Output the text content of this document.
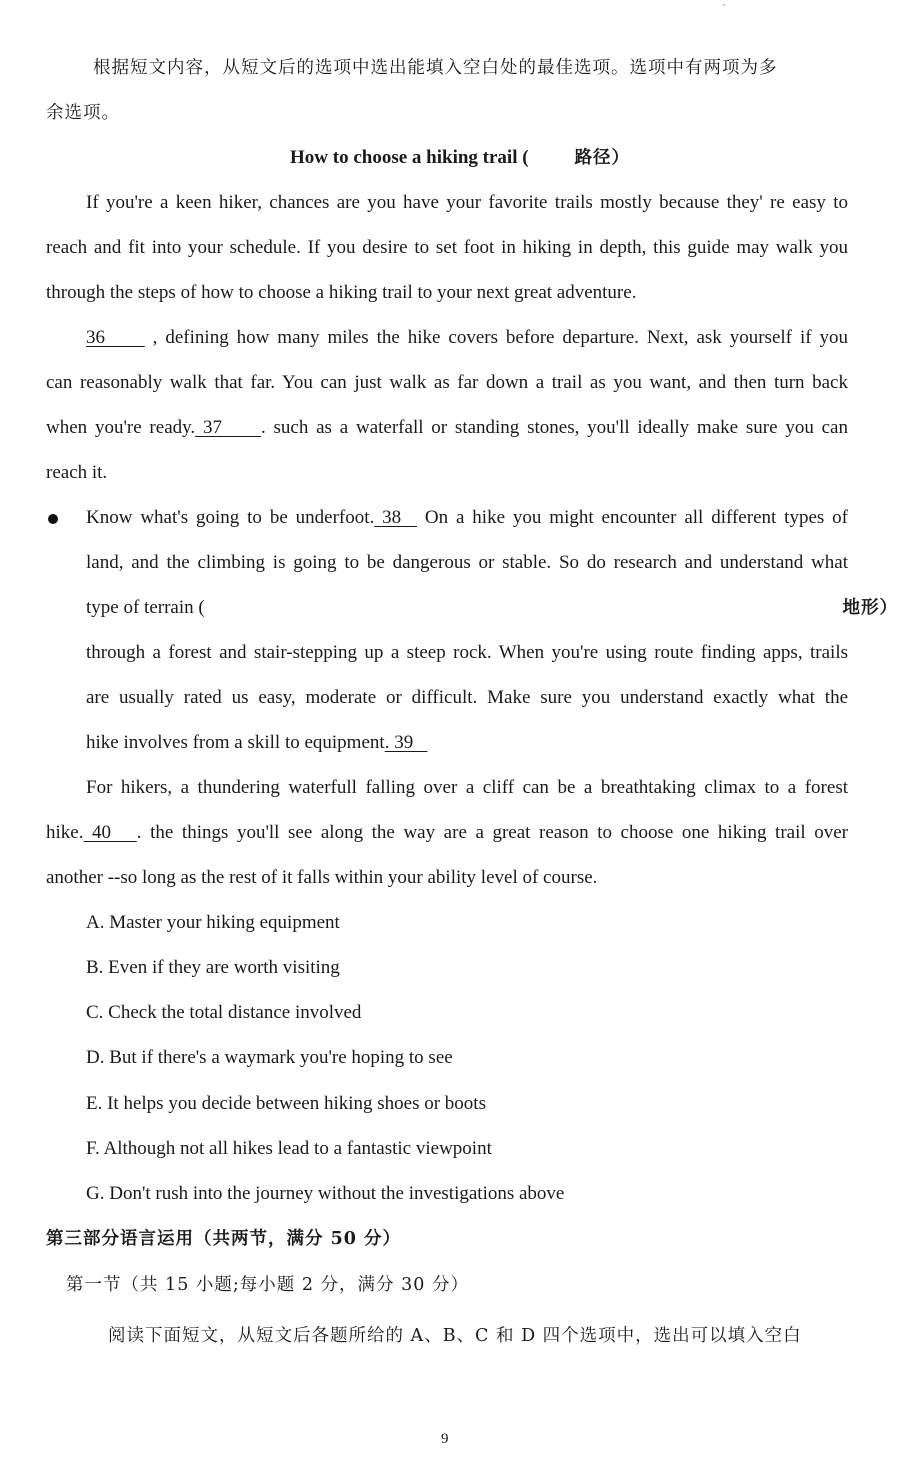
根据短文内容，从短文后的选项中选出能填入空白处的最佳选项。选项中有两项为多
余选项。
How to choose a hiking trail (	路径）
If you're a keen hiker, chances are you have your favorite trails mostly because they' re easy to
reach and fit into your schedule. If you desire to set foot in hiking in depth, this guide may walk you
through the steps of how to choose a hiking trail to your next great adventure.
36      , defining how many miles the hike covers before departure. Next, ask yourself if you
can reasonably walk that far. You can just walk as far down a trail as you want, and then turn back
when you're ready. 37     . such as a waterfall or standing stones, you'll ideally make sure you can
reach it.
Know what's going to be underfoot. 38   On a hike you might encounter all different types of
land, and the climbing is going to be dangerous or stable. So do research and understand what
type of terrain (	地形）
through a forest and stair-stepping up a steep rock. When you're using route finding apps, trails
are usually rated us easy, moderate or difficult. Make sure you understand exactly what the
hike involves from a skill to equipment. 39
For hikers, a thundering waterfull falling over a cliff can be a breathtaking climax to a forest
hike. 40   . the things you'll see along the way are a great reason to choose one hiking trail over
another --so long as the rest of it falls within your ability level of course.
A. Master your hiking equipment
B. Even if they are worth visiting
C. Check the total distance involved
D. But if there's a waymark you're hoping to see
E. It helps you decide between hiking shoes or boots
F. Although not all hikes lead to a fantastic viewpoint
G. Don't rush into the journey without the investigations above
第三部分语言运用（共两节，满分 50 分）
第一节（共 15 小题;每小题 2 分，满分 30 分）
阅读下面短文，从短文后各题所给的 A、B、C 和 D 四个选项中，选出可以填入空白
9
